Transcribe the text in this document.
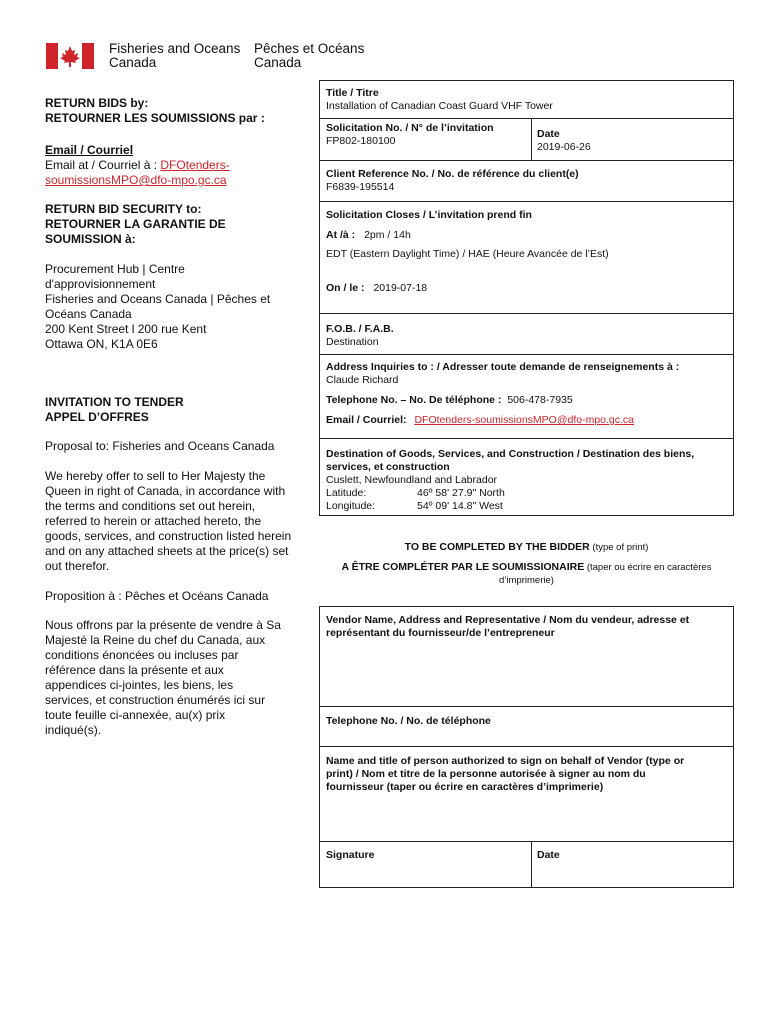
Fisheries and Oceans
Canada
Pêches et Océans
Canada
RETURN BIDS by:
RETOURNER LES SOUMISSIONS par :
Email / Courriel
Email at / Courriel à : DFOtenders-
soumissionsMPO@dfo-mpo.gc.ca
RETURN BID SECURITY to:
RETOURNER LA GARANTIE DE
SOUMISSION à:
Procurement Hub | Centre
d'approvisionnement
Fisheries and Oceans Canada | Pêches et
Océans Canada
200 Kent Street l 200 rue Kent
Ottawa ON, K1A 0E6
INVITATION TO TENDER
APPEL D’OFFRES
Proposal to: Fisheries and Oceans Canada
We hereby offer to sell to Her Majesty the
Queen in right of Canada, in accordance with
the terms and conditions set out herein,
referred to herein or attached hereto, the
goods, services, and construction listed herein
and on any attached sheets at the price(s) set
out therefor.
Proposition à : Pêches et Océans Canada
Nous offrons par la présente de vendre à Sa
Majesté la Reine du chef du Canada, aux
conditions énoncées ou incluses par
référence dans la présente et aux
appendices ci-jointes, les biens, les
services, et construction énumérés ici sur
toute feuille ci-annexée, au(x) prix
indiqué(s).
Title / Titre
Installation of Canadian Coast Guard VHF Tower
Solicitation No. / N° de l’invitation
FP802-180100
Date
2019-06-26
Client Reference No. / No. de référence du client(e)
F6839-195514
Solicitation Closes / L’invitation prend fin
At /à : 2pm / 14h
EDT (Eastern Daylight Time) / HAE (Heure Avancée de l’Est)
On / le : 2019-07-18
F.O.B. / F.A.B.
Destination
Address Inquiries to : / Adresser toute demande de renseignements à :
Claude Richard
Telephone No. – No. De téléphone : 506-478-7935
Email / Courriel: DFOtenders-soumissionsMPO@dfo-mpo.gc.ca
Destination of Goods, Services, and Construction / Destination des biens,
services, et construction
Cuslett, Newfoundland and Labrador
Latitude:	46º 58' 27.9" North
Longitude:	54º 09' 14.8" West
TO BE COMPLETED BY THE BIDDER (type of print)
A ÊTRE COMPLÉTER PAR LE SOUMISSIONAIRE (taper ou écrire en caractères
d’imprimerie)
Vendor Name, Address and Representative / Nom du vendeur, adresse et
représentant du fournisseur/de l’entrepreneur
Telephone No. / No. de téléphone
Name and title of person authorized to sign on behalf of Vendor (type or
print) / Nom et titre de la personne autorisée à signer au nom du
fournisseur (taper ou écrire en caractères d’imprimerie)
Signature	Date
